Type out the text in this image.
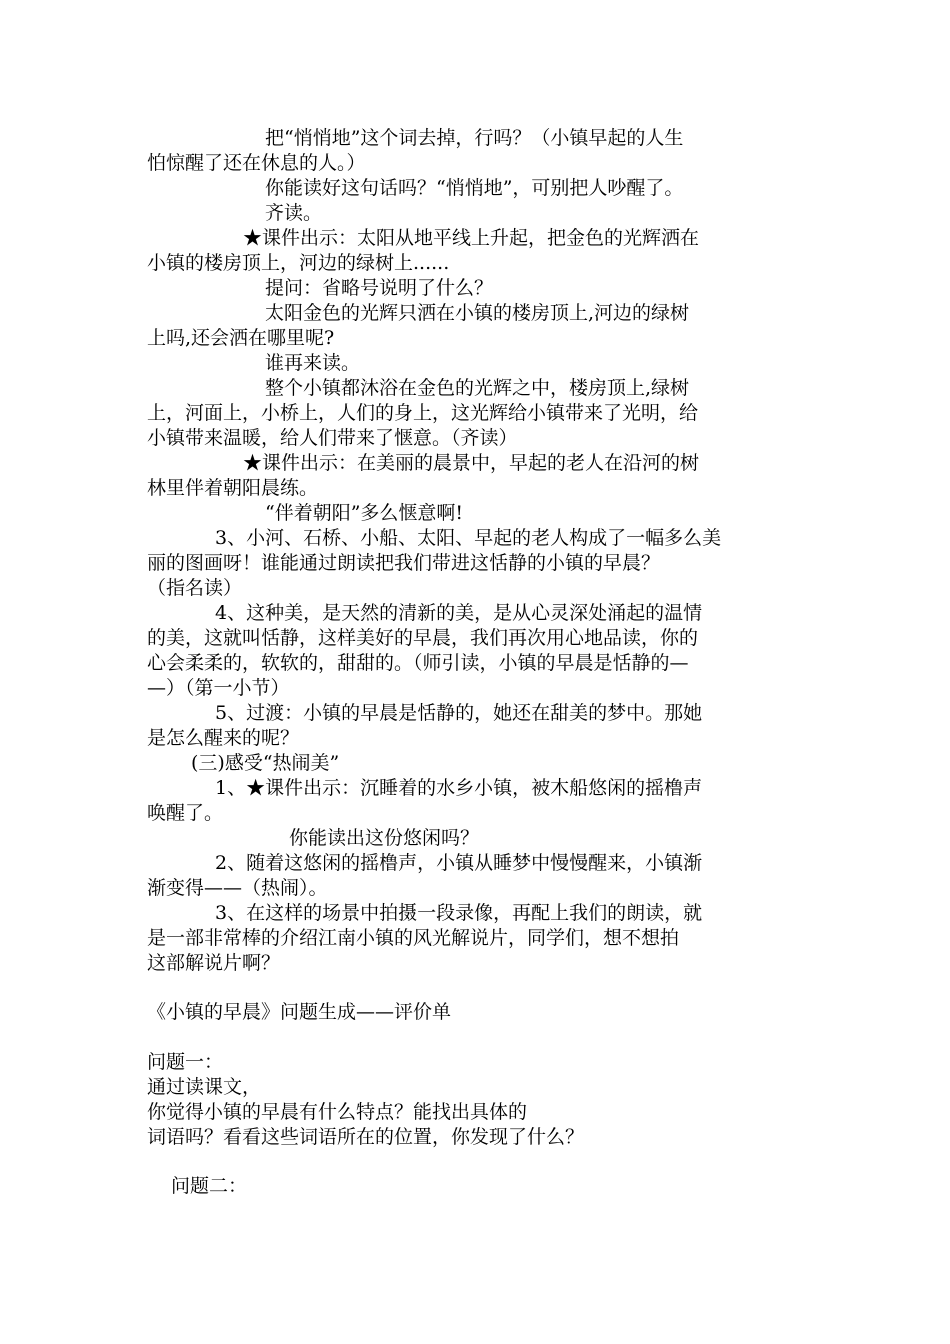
把“悄悄地”这个词去掉，行吗？（小镇早起的人生
怕惊醒了还在休息的人。）
你能读好这句话吗？“悄悄地”，可别把人吵醒了。
齐读。
★课件出示：太阳从地平线上升起，把金色的光辉洒在
小镇的楼房顶上，河边的绿树上......
提问：省略号说明了什么？
太阳金色的光辉只洒在小镇的楼房顶上,河边的绿树
上吗,还会洒在哪里呢?
谁再来读。
整个小镇都沐浴在金色的光辉之中，楼房顶上,绿树
上，河面上，小桥上，人们的身上，这光辉给小镇带来了光明，给
小镇带来温暖，给人们带来了惬意。（齐读）
★课件出示：在美丽的晨景中，早起的老人在沿河的树
林里伴着朝阳晨练。
“伴着朝阳”多么惬意啊!
3、小河、石桥、小船、太阳、早起的老人构成了一幅多么美
丽的图画呀！谁能通过朗读把我们带进这恬静的小镇的早晨？
（指名读）
4、这种美，是天然的清新的美，是从心灵深处涌起的温情
的美，这就叫恬静，这样美好的早晨，我们再次用心地品读，你的
心会柔柔的，软软的，甜甜的。（师引读，小镇的早晨是恬静的—
—）（第一小节）
5、过渡：小镇的早晨是恬静的，她还在甜美的梦中。那她
是怎么醒来的呢？
(三)感受“热闹美”
1、★课件出示：沉睡着的水乡小镇，被木船悠闲的摇橹声
唤醒了。
你能读出这份悠闲吗？
2、随着这悠闲的摇橹声，小镇从睡梦中慢慢醒来，小镇渐
渐变得——（热闹）。
3、在这样的场景中拍摄一段录像，再配上我们的朗读，就
是一部非常棒的介绍江南小镇的风光解说片，同学们，想不想拍
这部解说片啊？
《小镇的早晨》问题生成——评价单
问题一：
通过读课文，
你觉得小镇的早晨有什么特点？能找出具体的
词语吗？看看这些词语所在的位置，你发现了什么？
问题二：
